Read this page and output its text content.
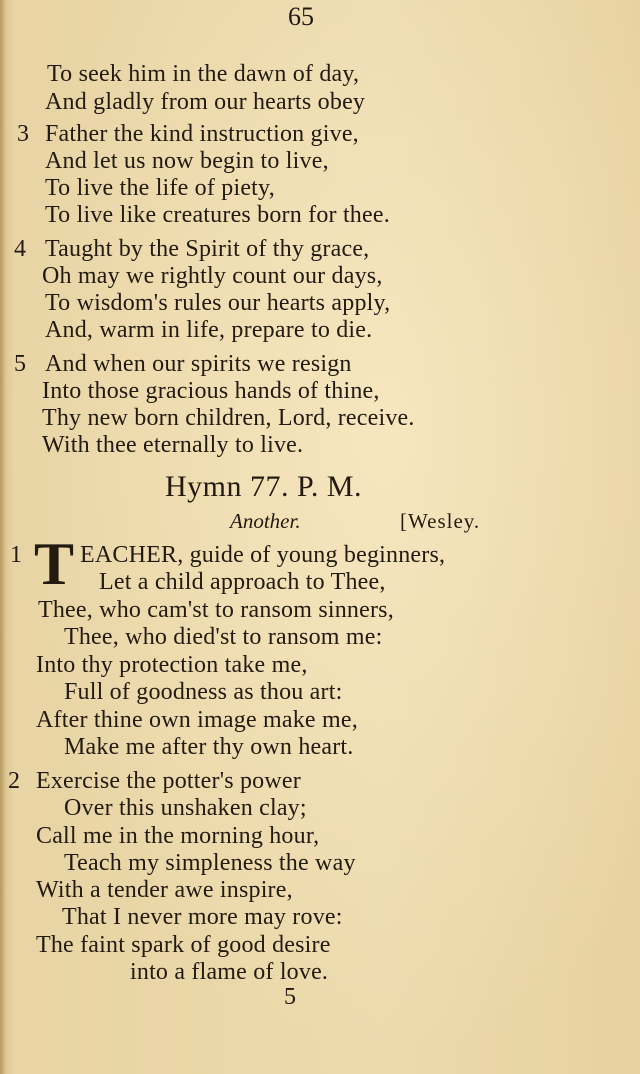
65
To seek him in the dawn of day,
And gladly from our hearts obey
3 Father the kind instruction give,
And let us now begin to live,
To live the life of piety,
To live like creatures born for thee.
4 Taught by the Spirit of thy grace,
Oh may we rightly count our days,
To wisdom's rules our hearts apply,
And, warm in life, prepare to die.
5 And when our spirits we resign
Into those gracious hands of thine,
Thy new born children, Lord, receive.
With thee eternally to live.
Hymn 77. P. M.
Another.	[Wesley.
1 T EACHER, guide of young beginners,
Let a child approach to Thee,
Thee, who cam'st to ransom sinners,
Thee, who died'st to ransom me:
Into thy protection take me,
Full of goodness as thou art:
After thine own image make me,
Make me after thy own heart.
2 Exercise the potter's power
Over this unshaken clay;
Call me in the morning hour,
Teach my simpleness the way
With a tender awe inspire,
That I never more may rove:
The faint spark of good desire
into a flame of love.
5
